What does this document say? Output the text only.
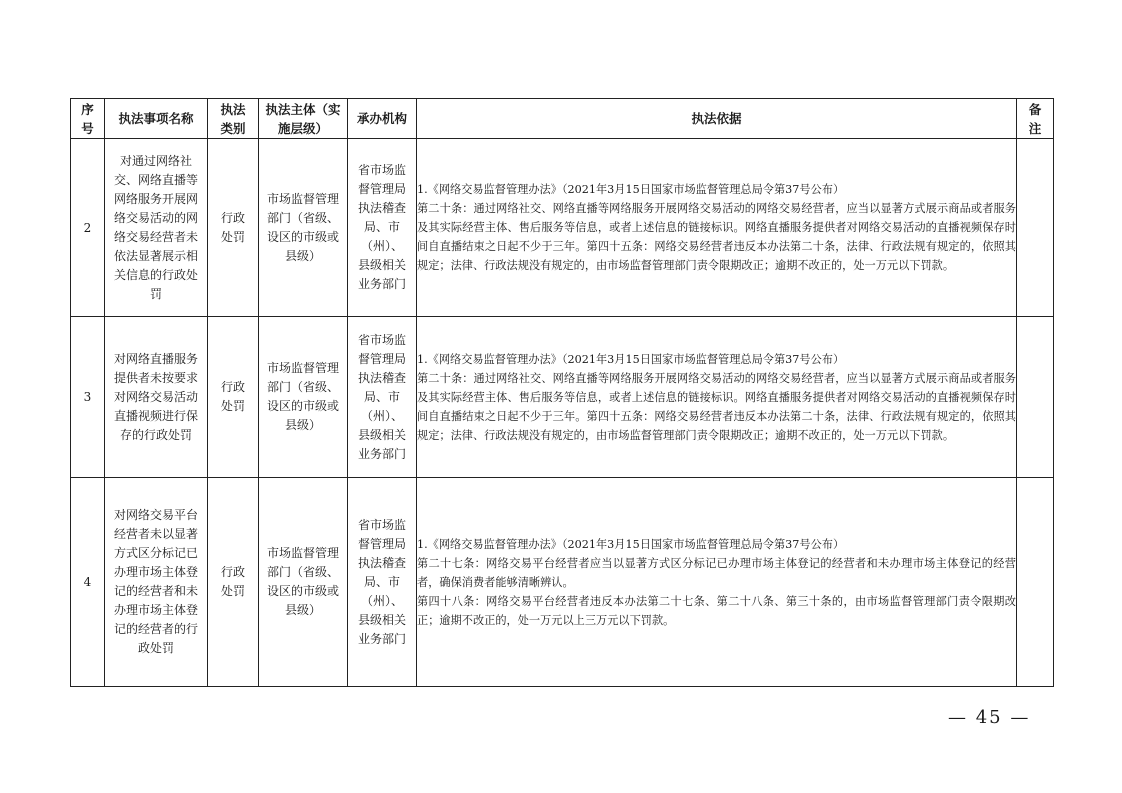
序号	执法事项名称	执法类别	执法主体（实施层级）	承办机构	执法依据	备注

2	对通过网络社交、网络直播等网络服务开展网络交易活动的网络交易经营者未依法显著展示相关信息的行政处罚	行政处罚	市场监督管理部门（省级、设区的市级或县级）	省市场监督管理局执法稽查局、市（州）、县级相关业务部门	1.《网络交易监督管理办法》（2021年3月15日国家市场监督管理总局令第37号公布）

第二十条：通过网络社交、网络直播等网络服务开展网络交易活动的网络交易经营者，应当以显著方式展示商品或者服务及其实际经营主体、售后服务等信息，或者上述信息的链接标识。网络直播服务提供者对网络交易活动的直播视频保存时间自直播结束之日起不少于三年。第四十五条：网络交易经营者违反本办法第二十条，法律、行政法规有规定的，依照其规定；法律、行政法规没有规定的，由市场监督管理部门责令限期改正；逾期不改正的，处一万元以下罚款。	

3	对网络直播服务提供者未按要求对网络交易活动直播视频进行保存的行政处罚	行政处罚	市场监督管理部门（省级、设区的市级或县级）	省市场监督管理局执法稽查局、市（州）、县级相关业务部门	1.《网络交易监督管理办法》（2021年3月15日国家市场监督管理总局令第37号公布）

第二十条：通过网络社交、网络直播等网络服务开展网络交易活动的网络交易经营者，应当以显著方式展示商品或者服务及其实际经营主体、售后服务等信息，或者上述信息的链接标识。网络直播服务提供者对网络交易活动的直播视频保存时间自直播结束之日起不少于三年。第四十五条：网络交易经营者违反本办法第二十条，法律、行政法规有规定的，依照其规定；法律、行政法规没有规定的，由市场监督管理部门责令限期改正；逾期不改正的，处一万元以下罚款。	

4	对网络交易平台经营者未以显著方式区分标记已办理市场主体登记的经营者和未办理市场主体登记的经营者的行政处罚	行政处罚	市场监督管理部门（省级、设区的市级或县级）	省市场监督管理局执法稽查局、市（州）、县级相关业务部门	1.《网络交易监督管理办法》（2021年3月15日国家市场监督管理总局令第37号公布）

第二十七条：网络交易平台经营者应当以显著方式区分标记已办理市场主体登记的经营者和未办理市场主体登记的经营者，确保消费者能够清晰辨认。

第四十八条：网络交易平台经营者违反本办法第二十七条、第二十八条、第三十条的，由市场监督管理部门责令限期改正；逾期不改正的，处一万元以上三万元以下罚款。	

— 45 —
